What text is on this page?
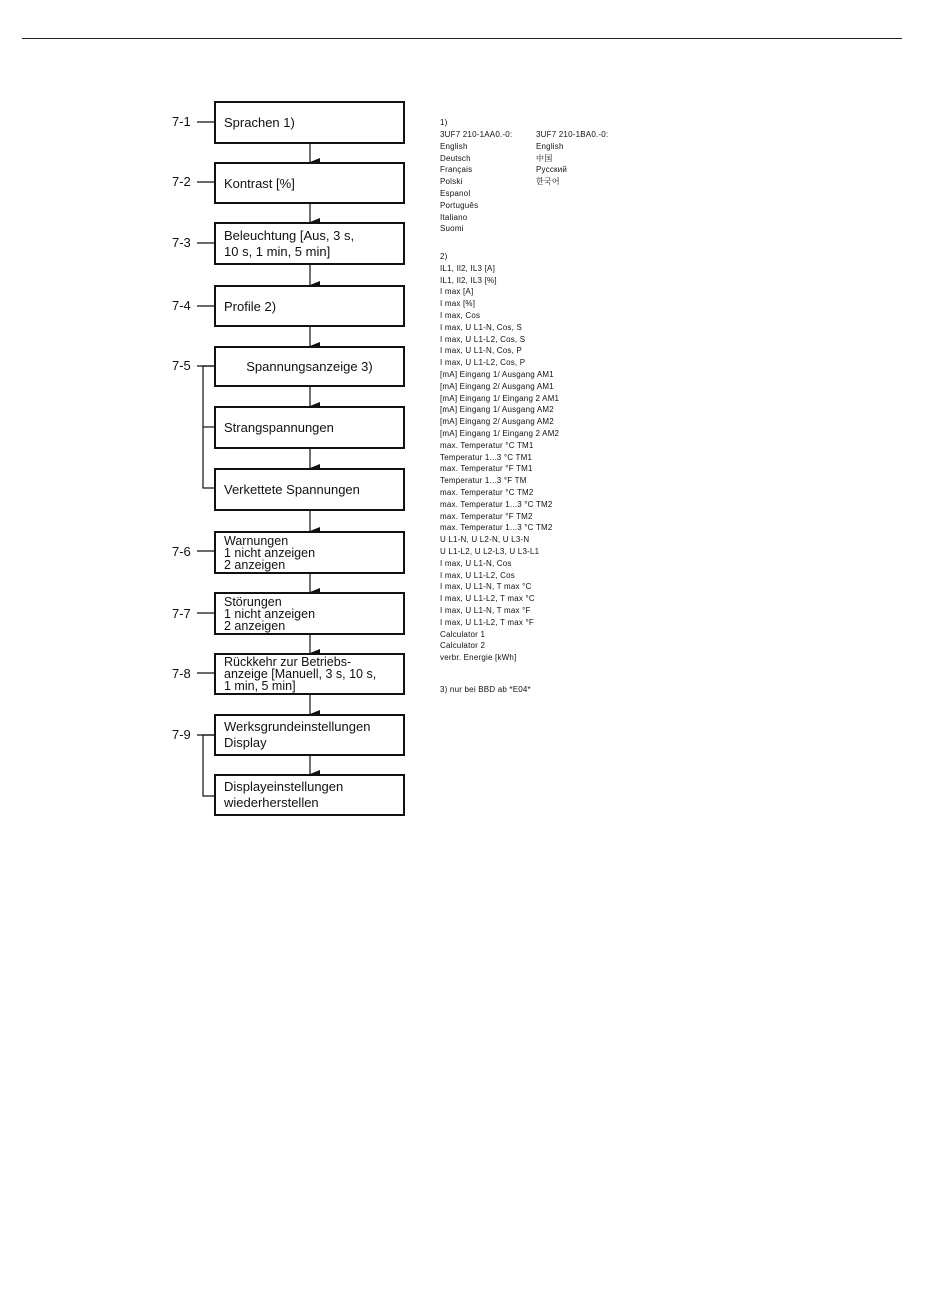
7-1
7-2
7-3
7-4
7-5
7-6
7-7
7-8
7-9
Sprachen 1)
Kontrast [%]
Beleuchtung [Aus, 3 s,
10 s, 1 min, 5 min]
Profile 2)
Spannungsanzeige 3)
Strangspannungen
Verkettete Spannungen
Warnungen
1 nicht anzeigen
2 anzeigen
Störungen
1 nicht anzeigen
2 anzeigen
Rückkehr zur Betriebs-
anzeige [Manuell, 3 s, 10 s,
1 min, 5 min]
Werksgrundeinstellungen
Display
Displayeinstellungen
wiederherstellen
1)
3UF7 210-1AA0.-0:
English
Deutsch
Français
Polski
Espanol
Português
Italiano
Suomi
3UF7 210-1BA0.-0:
English
中国
Русский
한국어
2)
IL1, Il2, IL3 [A]
IL1, Il2, IL3 [%]
I max [A]
I max [%]
I max, Cos
I max, U L1-N, Cos, S
I max, U L1-L2, Cos, S
I max, U L1-N, Cos, P
I max, U L1-L2, Cos, P
[mA] Eingang 1/ Ausgang AM1
[mA] Eingang 2/ Ausgang AM1
[mA] Eingang 1/ Eingang 2 AM1
[mA] Eingang 1/ Ausgang AM2
[mA] Eingang 2/ Ausgang AM2
[mA] Eingang 1/ Eingang 2 AM2
max. Temperatur °C TM1
Temperatur 1...3 °C TM1
max. Temperatur °F TM1
Temperatur 1...3 °F TM
max. Temperatur °C TM2
max. Temperatur 1...3 °C TM2
max. Temperatur °F TM2
max. Temperatur 1...3 °C TM2
U L1-N, U L2-N, U L3-N
U L1-L2, U L2-L3, U L3-L1
I max, U L1-N, Cos
I max, U L1-L2, Cos
I max, U L1-N, T max °C
I max, U L1-L2, T max °C
I max, U L1-N, T max °F
I max, U L1-L2, T max °F
Calculator 1
Calculator 2
verbr. Energie [kWh]
3) nur bei BBD ab *E04*
